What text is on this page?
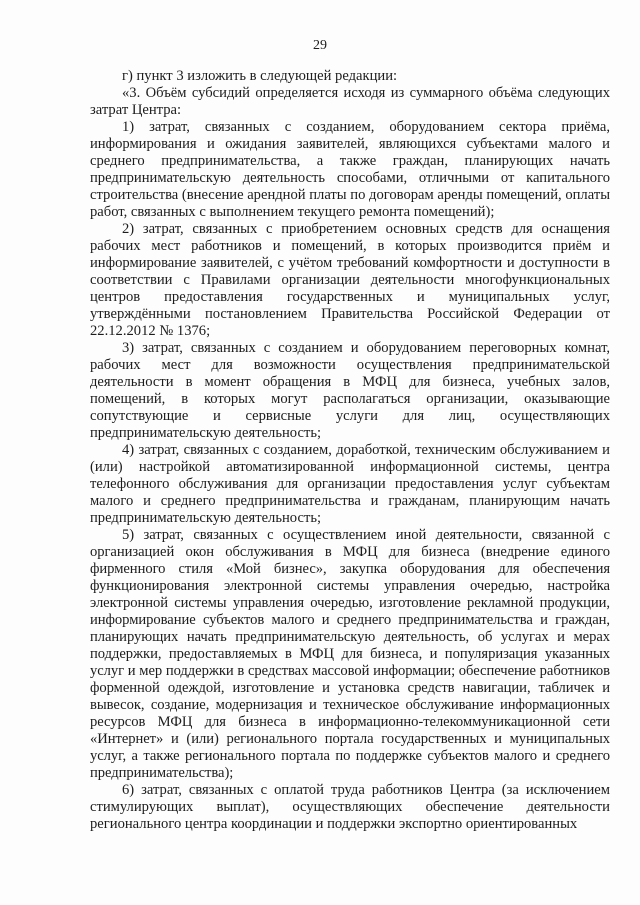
29

г) пункт 3 изложить в следующей редакции:

«3. Объём субсидий определяется исходя из суммарного объёма следующих затрат Центра:

1) затрат, связанных с созданием, оборудованием сектора приёма, информирования и ожидания заявителей, являющихся субъектами малого и среднего предпринимательства, а также граждан, планирующих начать предпринимательскую деятельность способами, отличными от капитального строительства (внесение арендной платы по договорам аренды помещений, оплаты работ, связанных с выполнением текущего ремонта помещений);

2) затрат, связанных с приобретением основных средств для оснащения рабочих мест работников и помещений, в которых производится приём и информирование заявителей, с учётом требований комфортности и доступности в соответствии с Правилами организации деятельности многофункциональных центров предоставления государственных и муниципальных услуг, утверждёнными постановлением Правительства Российской Федерации от 22.12.2012 № 1376;

3) затрат, связанных с созданием и оборудованием переговорных комнат, рабочих мест для возможности осуществления предпринимательской деятельности в момент обращения в МФЦ для бизнеса, учебных залов, помещений, в которых могут располагаться организации, оказывающие сопутствующие и сервисные услуги для лиц, осуществляющих предпринимательскую деятельность;

4) затрат, связанных с созданием, доработкой, техническим обслуживанием и (или) настройкой автоматизированной информационной системы, центра телефонного обслуживания для организации предоставления услуг субъектам малого и среднего предпринимательства и гражданам, планирующим начать предпринимательскую деятельность;

5) затрат, связанных с осуществлением иной деятельности, связанной с организацией окон обслуживания в МФЦ для бизнеса (внедрение единого фирменного стиля «Мой бизнес», закупка оборудования для обеспечения функционирования электронной системы управления очередью, настройка электронной системы управления очередью, изготовление рекламной продукции, информирование субъектов малого и среднего предпринимательства и граждан, планирующих начать предпринимательскую деятельность, об услугах и мерах поддержки, предоставляемых в МФЦ для бизнеса, и популяризация указанных услуг и мер поддержки в средствах массовой информации; обеспечение работников форменной одеждой, изготовление и установка средств навигации, табличек и вывесок, создание, модернизация и техническое обслуживание информационных ресурсов МФЦ для бизнеса в информационно-телекоммуникационной сети «Интернет» и (или) регионального портала государственных и муниципальных услуг, а также регионального портала по поддержке субъектов малого и среднего предпринимательства);

6) затрат, связанных с оплатой труда работников Центра (за исключением стимулирующих выплат), осуществляющих обеспечение деятельности регионального центра координации и поддержки экспортно ориентированных
